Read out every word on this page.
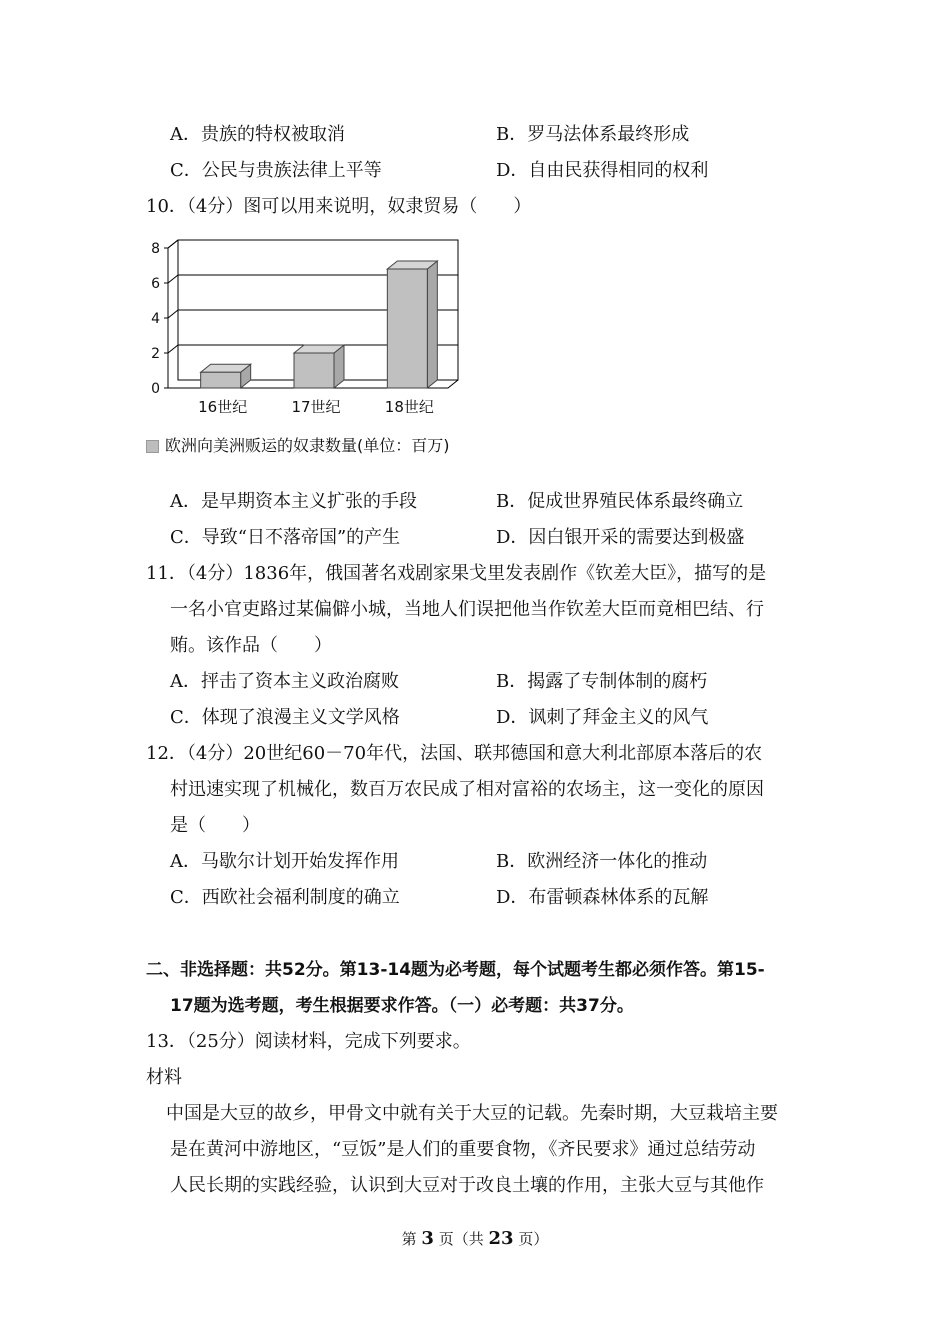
A．贵族的特权被取消	B．罗马法体系最终形成
C．公民与贵族法律上平等	D．自由民获得相同的权利
10．（4分）图可以用来说明，奴隶贸易（　　）
0
2
4
6
8
16世纪	17世纪	18世纪
欧洲向美洲贩运的奴隶数量(单位：百万)
A．是早期资本主义扩张的手段	B．促成世界殖民体系最终确立
C．导致“日不落帝国”的产生	D．因白银开采的需要达到极盛
11．（4分）1836年，俄国著名戏剧家果戈里发表剧作《钦差大臣》，描写的是
一名小官吏路过某偏僻小城，当地人们误把他当作钦差大臣而竟相巴结、行
贿。该作品（　　）
A．抨击了资本主义政治腐败	B．揭露了专制体制的腐朽
C．体现了浪漫主义文学风格	D．讽刺了拜金主义的风气
12．（4分）20世纪60－70年代，法国、联邦德国和意大利北部原本落后的农
村迅速实现了机械化，数百万农民成了相对富裕的农场主，这一变化的原因
是（　　）
A．马歇尔计划开始发挥作用	B．欧洲经济一体化的推动
C．西欧社会福利制度的确立	D．布雷顿森林体系的瓦解
二、非选择题：共52分。第13-14题为必考题，每个试题考生都必须作答。第15-
17题为选考题，考生根据要求作答。（一）必考题：共37分。
13．（25分）阅读材料，完成下列要求。
材料
中国是大豆的故乡，甲骨文中就有关于大豆的记载。先秦时期，大豆栽培主要
是在黄河中游地区，“豆饭”是人们的重要食物，《齐民要求》通过总结劳动
人民长期的实践经验，认识到大豆对于改良土壤的作用，主张大豆与其他作
第 3 页（共 23 页）
